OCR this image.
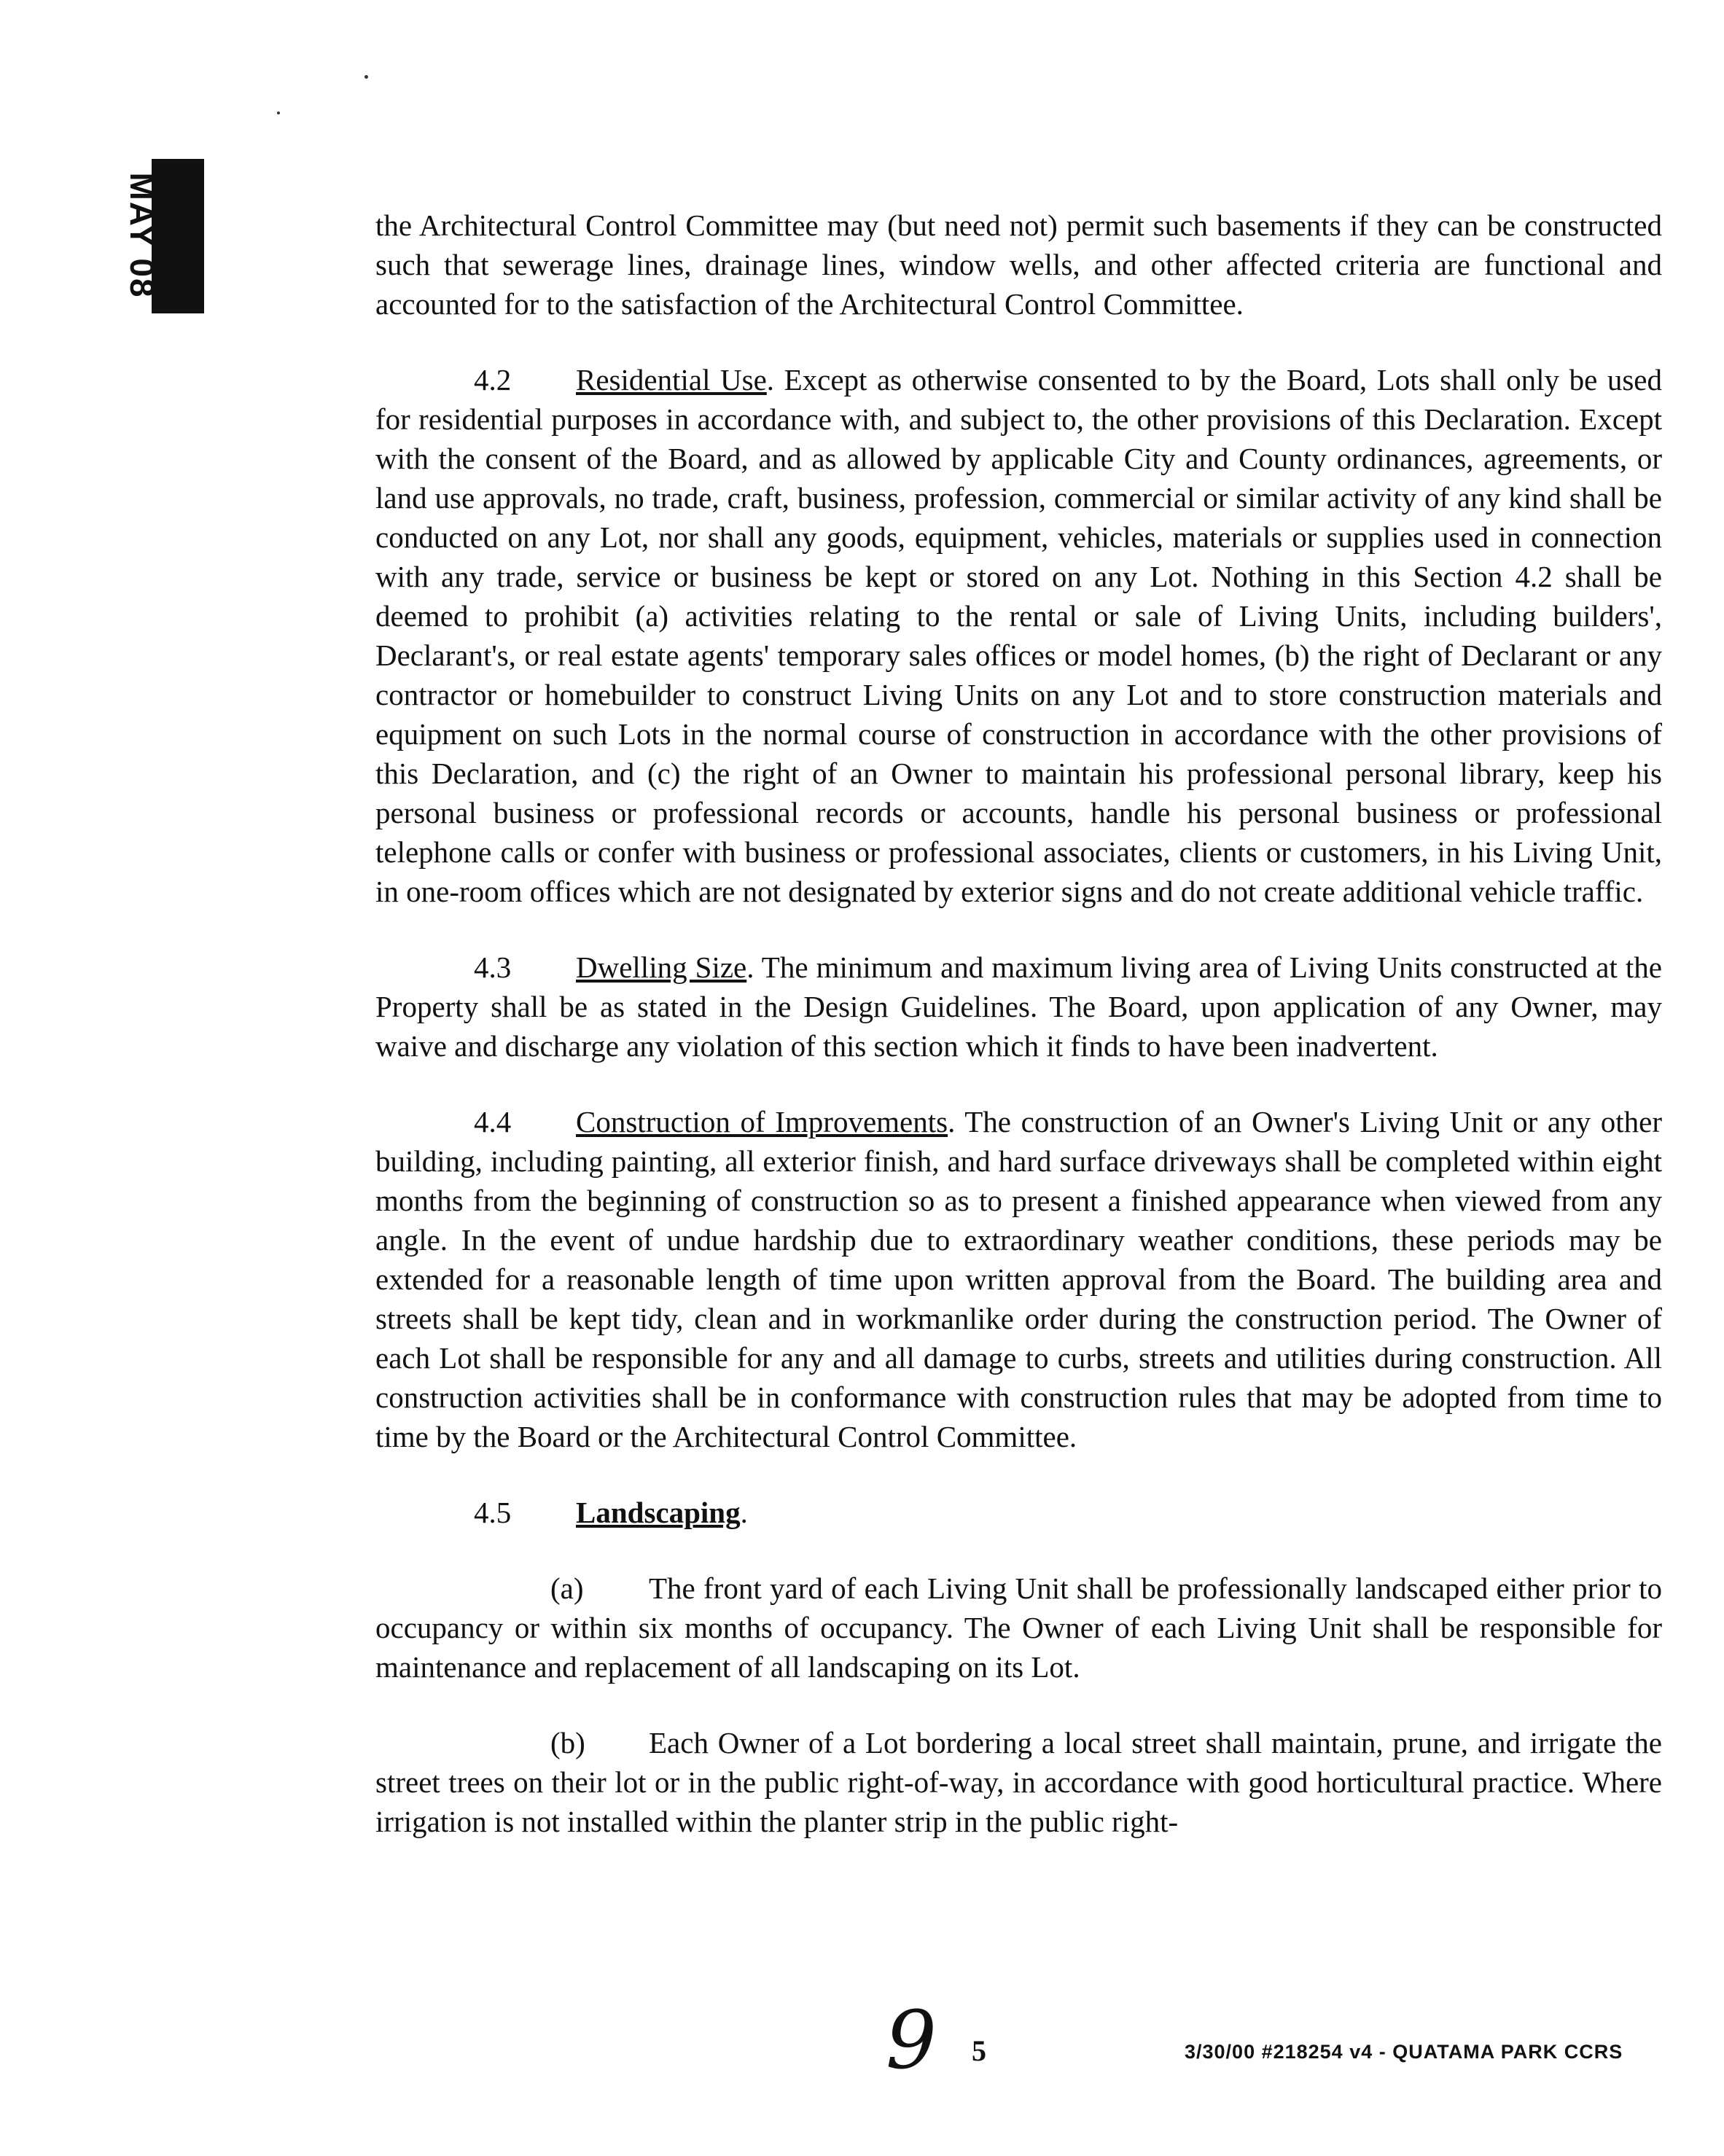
MAY 08	the Architectural Control Committee may (but need not) permit such basements if they can be constructed such that sewerage lines, drainage lines, window wells, and other affected criteria are functional and accounted for to the satisfaction of the Architectural Control Committee.

4.2 Residential Use. Except as otherwise consented to by the Board, Lots shall only be used for residential purposes in accordance with, and subject to, the other provisions of this Declaration. Except with the consent of the Board, and as allowed by applicable City and County ordinances, agreements, or land use approvals, no trade, craft, business, profession, commercial or similar activity of any kind shall be conducted on any Lot, nor shall any goods, equipment, vehicles, materials or supplies used in connection with any trade, service or business be kept or stored on any Lot. Nothing in this Section 4.2 shall be deemed to prohibit (a) activities relating to the rental or sale of Living Units, including builders', Declarant's, or real estate agents' temporary sales offices or model homes, (b) the right of Declarant or any contractor or homebuilder to construct Living Units on any Lot and to store construction materials and equipment on such Lots in the normal course of construction in accordance with the other provisions of this Declaration, and (c) the right of an Owner to maintain his professional personal library, keep his personal business or professional records or accounts, handle his personal business or professional telephone calls or confer with business or professional associates, clients or customers, in his Living Unit, in one-room offices which are not designated by exterior signs and do not create additional vehicle traffic.

4.3 Dwelling Size. The minimum and maximum living area of Living Units constructed at the Property shall be as stated in the Design Guidelines. The Board, upon application of any Owner, may waive and discharge any violation of this section which it finds to have been inadvertent.

4.4 Construction of Improvements. The construction of an Owner's Living Unit or any other building, including painting, all exterior finish, and hard surface driveways shall be completed within eight months from the beginning of construction so as to present a finished appearance when viewed from any angle. In the event of undue hardship due to extraordinary weather conditions, these periods may be extended for a reasonable length of time upon written approval from the Board. The building area and streets shall be kept tidy, clean and in workmanlike order during the construction period. The Owner of each Lot shall be responsible for any and all damage to curbs, streets and utilities during construction. All construction activities shall be in conformance with construction rules that may be adopted from time to time by the Board or the Architectural Control Committee.

4.5 Landscaping.

(a) The front yard of each Living Unit shall be professionally landscaped either prior to occupancy or within six months of occupancy. The Owner of each Living Unit shall be responsible for maintenance and replacement of all landscaping on its Lot.

(b) Each Owner of a Lot bordering a local street shall maintain, prune, and irrigate the street trees on their lot or in the public right-of-way, in accordance with good horticultural practice. Where irrigation is not installed within the planter strip in the public right-

9 5	3/30/00 #218254 v4 - QUATAMA PARK CCRS
